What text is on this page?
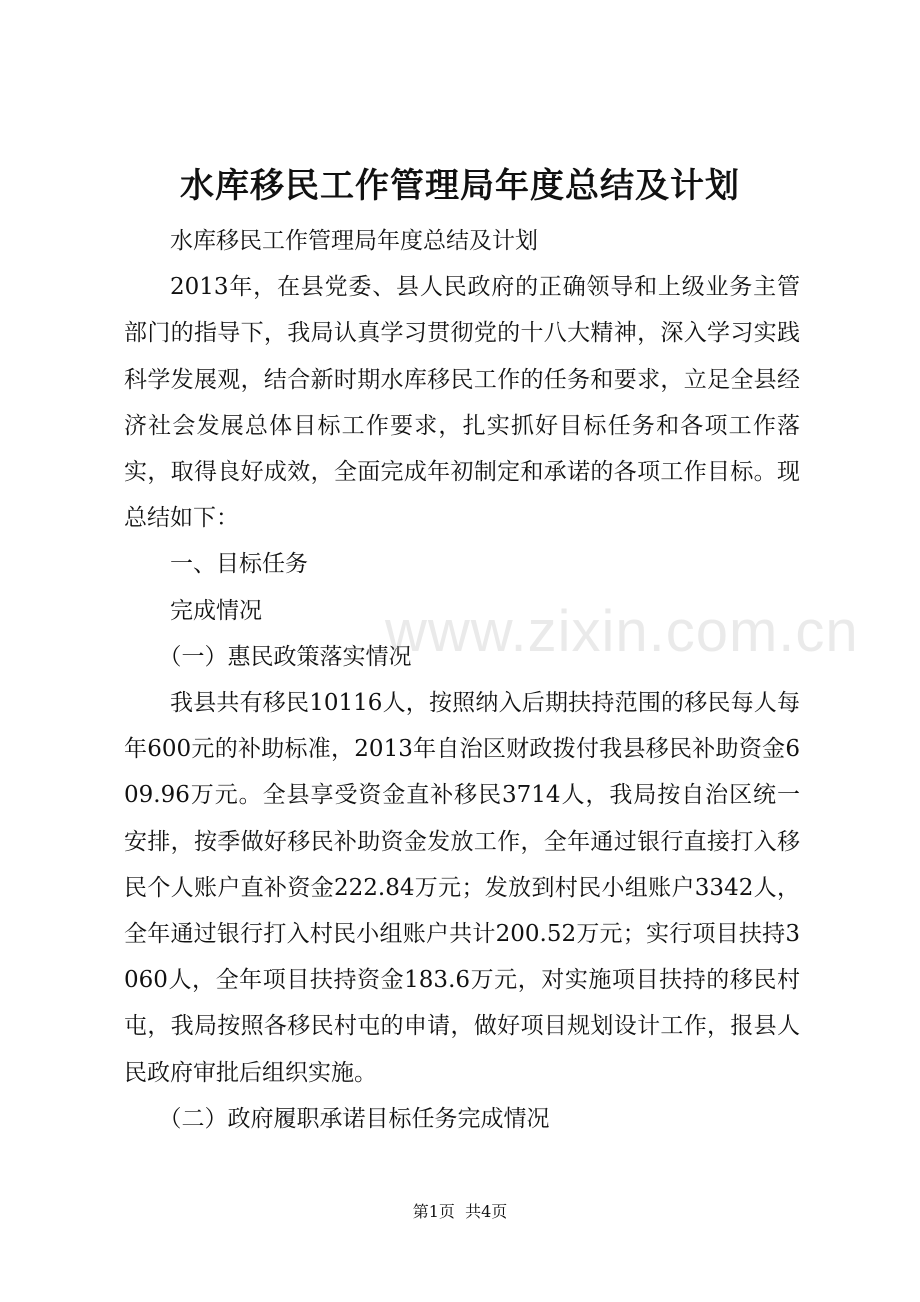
水库移民工作管理局年度总结及计划

水库移民工作管理局年度总结及计划

2013年，在县党委、县人民政府的正确领导和上级业务主管部门的指导下，我局认真学习贯彻党的十八大精神，深入学习实践科学发展观，结合新时期水库移民工作的任务和要求，立足全县经济社会发展总体目标工作要求，扎实抓好目标任务和各项工作落实，取得良好成效，全面完成年初制定和承诺的各项工作目标。现总结如下：

一、目标任务

完成情况

（一）惠民政策落实情况

我县共有移民10116人，按照纳入后期扶持范围的移民每人每年600元的补助标准，2013年自治区财政拨付我县移民补助资金609.96万元。全县享受资金直补移民3714人，我局按自治区统一安排，按季做好移民补助资金发放工作，全年通过银行直接打入移民个人账户直补资金222.84万元；发放到村民小组账户3342人，全年通过银行打入村民小组账户共计200.52万元；实行项目扶持3060人，全年项目扶持资金183.6万元，对实施项目扶持的移民村屯，我局按照各移民村屯的申请，做好项目规划设计工作，报县人民政府审批后组织实施。

（二）政府履职承诺目标任务完成情况

www.zixin.com.cn
第1页  共4页
